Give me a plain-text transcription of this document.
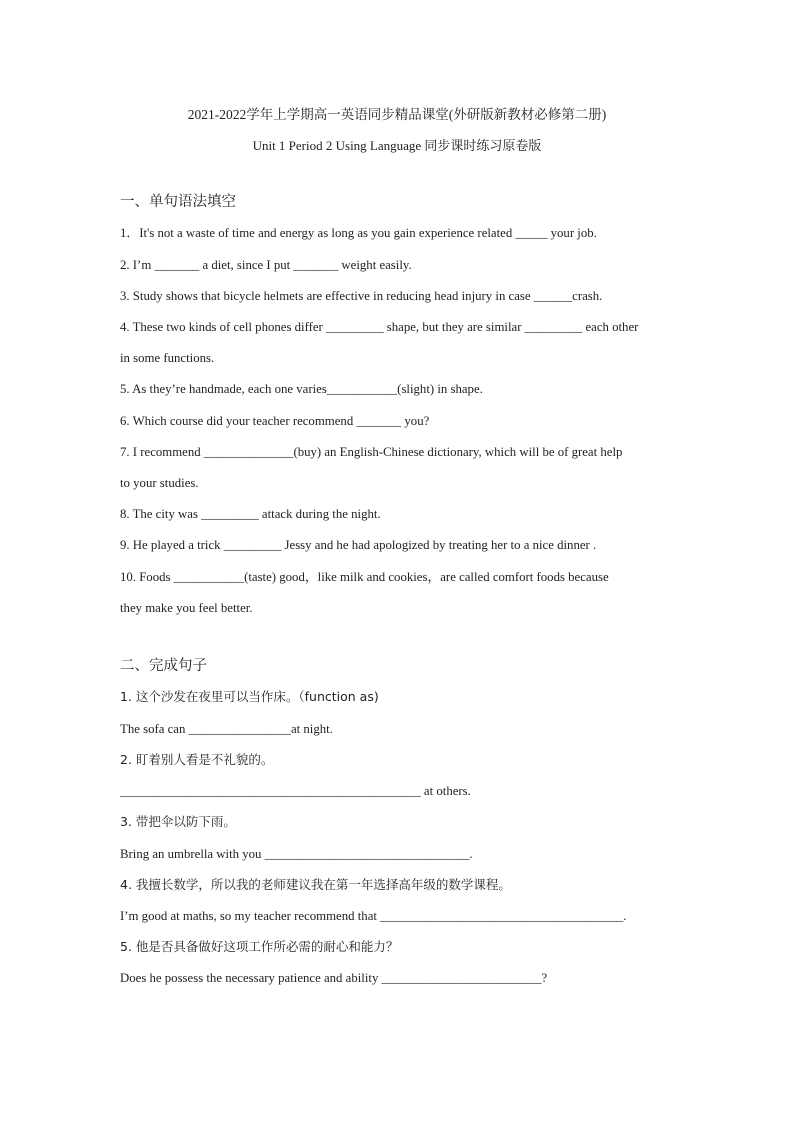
2021-2022学年上学期高一英语同步精品课堂(外研版新教材必修第二册)
Unit 1 Period 2 Using Language 同步课时练习原卷版
一、单句语法填空
1．It's not a waste of time and energy as long as you gain experience related _____ your job.
2. I’m _______ a diet, since I put _______ weight easily.
3. Study shows that bicycle helmets are effective in reducing head injury in case ______crash.
4. These two kinds of cell phones differ _________ shape, but they are similar _________ each other
in some functions.
5. As they’re handmade, each one varies___________(slight) in shape.
6. Which course did your teacher recommend _______ you?
7. I recommend ______________(buy) an English-Chinese dictionary, which will be of great help
to your studies.
8. The city was _________ attack during the night.
9. He played a trick _________ Jessy and he had apologized by treating her to a nice dinner .
10. Foods ___________(taste) good，like milk and cookies，are called comfort foods because
they make you feel better.
二、完成句子
1. 这个沙发在夜里可以当作床。（function as)
The sofa can ________________at night.
2. 盯着别人看是不礼貌的。
_______________________________________________ at others.
3. 带把伞以防下雨。
Bring an umbrella with you ________________________________.
4. 我擅长数学，所以我的老师建议我在第一年选择高年级的数学课程。
I’m good at maths, so my teacher recommend that ______________________________________.
5. 他是否具备做好这项工作所必需的耐心和能力？
Does he possess the necessary patience and ability _________________________?
